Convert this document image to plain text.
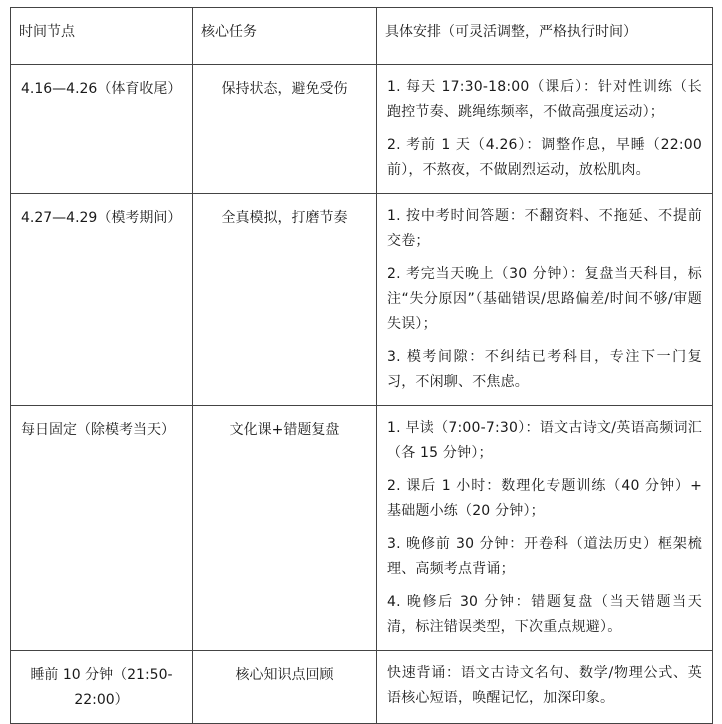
时间节点	核心任务	具体安排（可灵活调整，严格执行时间）

4.16—4.26（体育收尾）	保持状态，避免受伤	1. 每天 17:30-18:00（课后）：针对性训练（长跑控节奏、跳绳练频率，不做高强度运动）；

2. 考前 1 天（4.26）：调整作息，早睡（22:00 前），不熬夜，不做剧烈运动，放松肌肉。

4.27—4.29（模考期间）	全真模拟，打磨节奏	1. 按中考时间答题：不翻资料、不拖延、不提前交卷；

2. 考完当天晚上（30 分钟）：复盘当天科目，标注“失分原因”（基础错误/思路偏差/时间不够/审题失误）；

3. 模考间隙：不纠结已考科目，专注下一门复习，不闲聊、不焦虑。

每日固定（除模考当天）	文化课+错题复盘	1. 早读（7:00-7:30）：语文古诗文/英语高频词汇（各 15 分钟）；

2. 课后 1 小时：数理化专题训练（40 分钟）+ 基础题小练（20 分钟）；

3. 晚修前 30 分钟：开卷科（道法历史）框架梳理、高频考点背诵；

4. 晚修后 30 分钟：错题复盘（当天错题当天清，标注错误类型，下次重点规避）。

睡前 10 分钟（21:50-22:00）	核心知识点回顾	快速背诵：语文古诗文名句、数学/物理公式、英语核心短语，唤醒记忆，加深印象。
